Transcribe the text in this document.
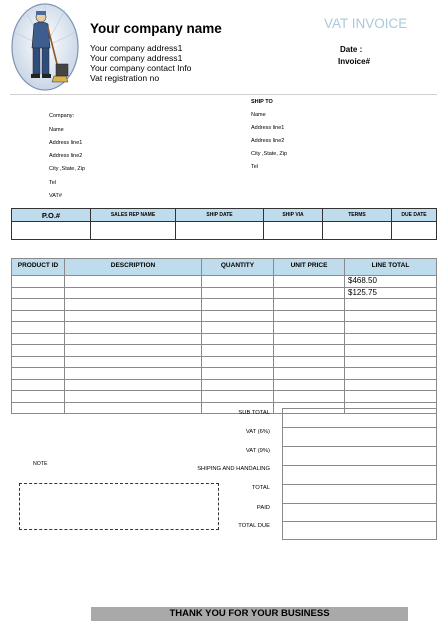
Your company name
Your company address1
Your company address1
Your company contact Info
Vat registration no
VAT INVOICE
Date :
Invoice#
Company:
Name
Address line1
Address line2
City ,State, Zip
Tel
VAT#
SHIP TO
Name
Address line1
Address line2
City ,State, Zip
Tel
P.O.#	SALES REP NAME	SHIP DATE	SHIP VIA	TERMS	DUE DATE

PRODUCT ID	DESCRIPTION	QUANTITY	UNIT PRICE	LINE TOTAL
				$468.50
				$125.75

SUB TOTAL
VAT (6%)
VAT (9%)
SHIPING AND HANDALING
TOTAL
PAID
TOTAL DUE
NOTE
THANK YOU FOR YOUR BUSINESS
